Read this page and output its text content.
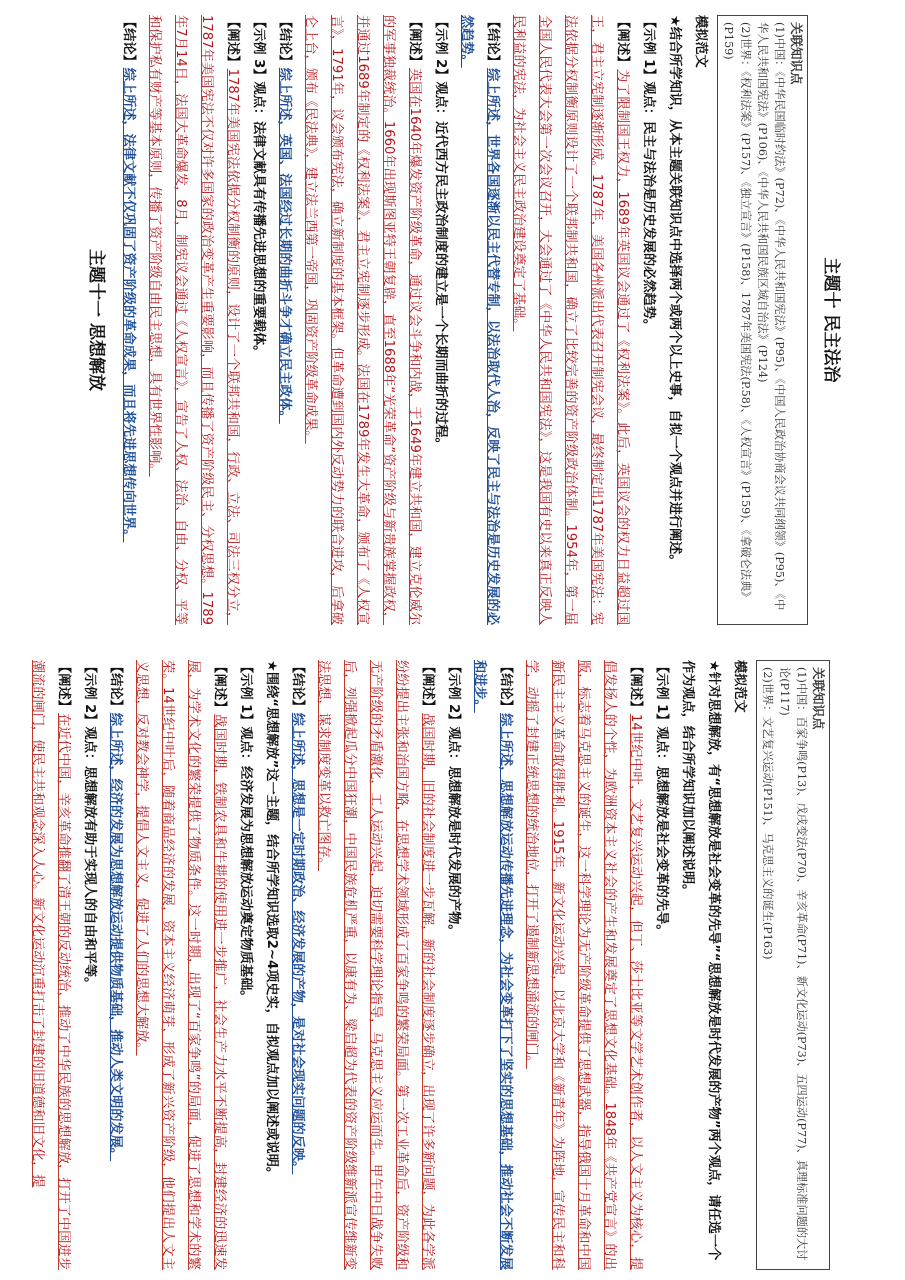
主题十 民主法治
关联知识点
(1)中国：《中华民国临时约法》(P72)、《中华人民共和国宪法》(P95)、《中国人民政治协商会议共同纲领》(P95)、《中华人民共和国宪法》(P106)、《中华人民共和国民族区域自治法》(P124)
(2)世界：《权利法案》(P157)、《独立宣言》(P158)、1787年美国宪法(P.58)、《人权宣言》(P159)、《拿破仑法典》(P159)
模拟范文
★结合所学知识，从本主题关联知识点中选择两个或两个以上史事，自拟一个观点并进行阐述。

【示例 1】观点：民主与法治是历史发展的必然趋势。

【阐述】为了限制国王权力，1689年英国议会通过了《权利法案》。此后，英国议会的权力日益超过国王，君主立宪制逐渐形成。1787年，美国各州派出代表召开制宪会议，最终制定出1787年美国宪法：宪法依据分权制衡原则设计了一个联邦制共和国，确立了比较完善的资产阶级政治体制。1954年，第一届全国人民代表大会第一次会议召开，大会通过了《中华人民共和国宪法》，这是我国有史以来真正反映人民利益的宪法，为社会主义民主政治建设奠定了基础。

【结论】综上所述，世界各国逐渐以民主代替专制，以法治取代人治，反映了民主与法治是历史发展的必然趋势。

【示例 2】观点：近代西方民主政治制度的建立是一个长期而曲折的过程。

【阐述】英国在1640年爆发资产阶级革命，通过议会斗争和内战，于1649年建立共和国，建立克伦威尔的军事独裁统治。1660年出现斯图亚特王朝复辟，直至1688年“光荣革命”资产阶级与新贵族掌握政权，并通过1689年制定的《权利法案》，君主立宪制逐步形成。法国在1789年发生大革命，颁布了《人权宣言》，1791年，议会颁布宪法，确立新制度的基本框架。但革命遭到国内外反动势力的联合进攻，后拿破仑上台，颁布《民法典》，建立法兰西第一帝国，巩固资产阶级革命成果。

【结论】综上所述，英国、法国经过长期的曲折斗争才确立民主政体。

【示例 3】观点：法律文献具有传播先进思想的重要载体。

【阐述】1787年美国宪法依据分权制衡的原则，设计了一个联邦共和国，行政、立法、司法三权分立，1787年美国宪法不仅对许多国家的政治变革产生重要影响，而且传播了资产阶级民主、分权思想。1789年7月14日，法国大革命爆发，8月，制宪议会通过《人权宣言》，宣告了人权、法治、自由、分权、平等和保护私有财产等基本原则，传播了资产阶级自由民主思想，具有世界性影响。

【结论】综上所述，法律文献不仅巩固了资产阶级的革命成果，而且将先进思想传向世界。

主题十一 思想解放
关联知识点
(1)中国：百家争鸣(P13)、戊戌变法(P70)、辛亥革命(P71)、新文化运动(P73)、五四运动(P77)、真理标准问题的大讨论(P117)
(2)世界：文艺复兴运动(P151)、马克思主义的诞生(P163)
模拟范文
★针对思想解放，有“思想解放是社会变革的先导”“思想解放是时代发展的产物”两个观点，请任选一个作为观点，结合所学知识加以阐述说明。

【示例 1】观点：思想解放是社会变革的先导。

【阐述】14世纪中叶，文艺复兴运动兴起，但丁、莎士比亚等文学艺术创作者，以人文主义为核心，提倡发扬人的个性，为欧洲资本主义社会的产生和发展奠定了思想文化基础。1848年《共产党宣言》的出版，标志着马克思主义的诞生，这一科学理论为无产阶级革命提供了思想武器，指导俄国十月革命和中国新民主主义革命取得胜利。1915年，新文化运动兴起，以北京大学和《新青年》为阵地，宣传民主和科学，动摇了封建正统思想的统治地位，打开了遏制新思想涌流的闸门。

【结论】综上所述，思想解放运动传播先进理念，为社会变革打下了坚实的思想基础，推动社会不断发展和进步。

【示例 2】观点：思想解放是时代发展的产物。

【阐述】战国时期，旧的社会制度进一步瓦解，新的社会制度逐步确立，出现了许多新问题，为此各学派纷纷提出主张和治国方略，在思想学术领域形成了百家争鸣的繁荣局面。第一次工业革命后，资产阶级和无产阶级的矛盾激化，工人运动兴起，迫切需要科学理论指导，马克思主义应运而生。甲午中日战争失败后，列强掀起瓜分中国狂潮，中国民族危机严重，以康有为、梁启超为代表的资产阶级维新派宣传维新变法思想，谋求制度变革以救亡图存。

【结论】综上所述，思想是一定时期政治、经济发展的产物，是对社会现实问题的反映。

★围绕“思想解放”这一主题，结合所学知识选取2~4项史实，自拟观点加以阐述或说明。

【示例 1】观点：经济发展为思想解放运动奠定物质基础。

【阐述】战国时期，铁制农具和牛耕的使用进一步推广，社会生产力水平不断提高，封建经济的迅速发展，为学术文化的繁荣提供了物质条件。这一时期，出现了“百家争鸣”的局面，促进了思想和学术的繁荣。14世纪中叶后，随着商品经济的发展，资本主义经济萌芽，形成了新兴资产阶级，他们提出人文主义思想，反对教会神学，提倡人文主义，促进了人们的思想大解放。

【结论】综上所述，经济的发展为思想解放运动提供物质基础，推动人类文明的发展。

【示例 2】观点：思想解放有助于实现人的自由和平等。

【阐述】在近代中国，辛亥革命推翻了清王朝的反动统治，推动了中华民族的思想解放，打开了中国进步潮流的闸门，使民主共和观念深入人心。新文化运动沉重打击了封建的旧道德和旧文化，提
